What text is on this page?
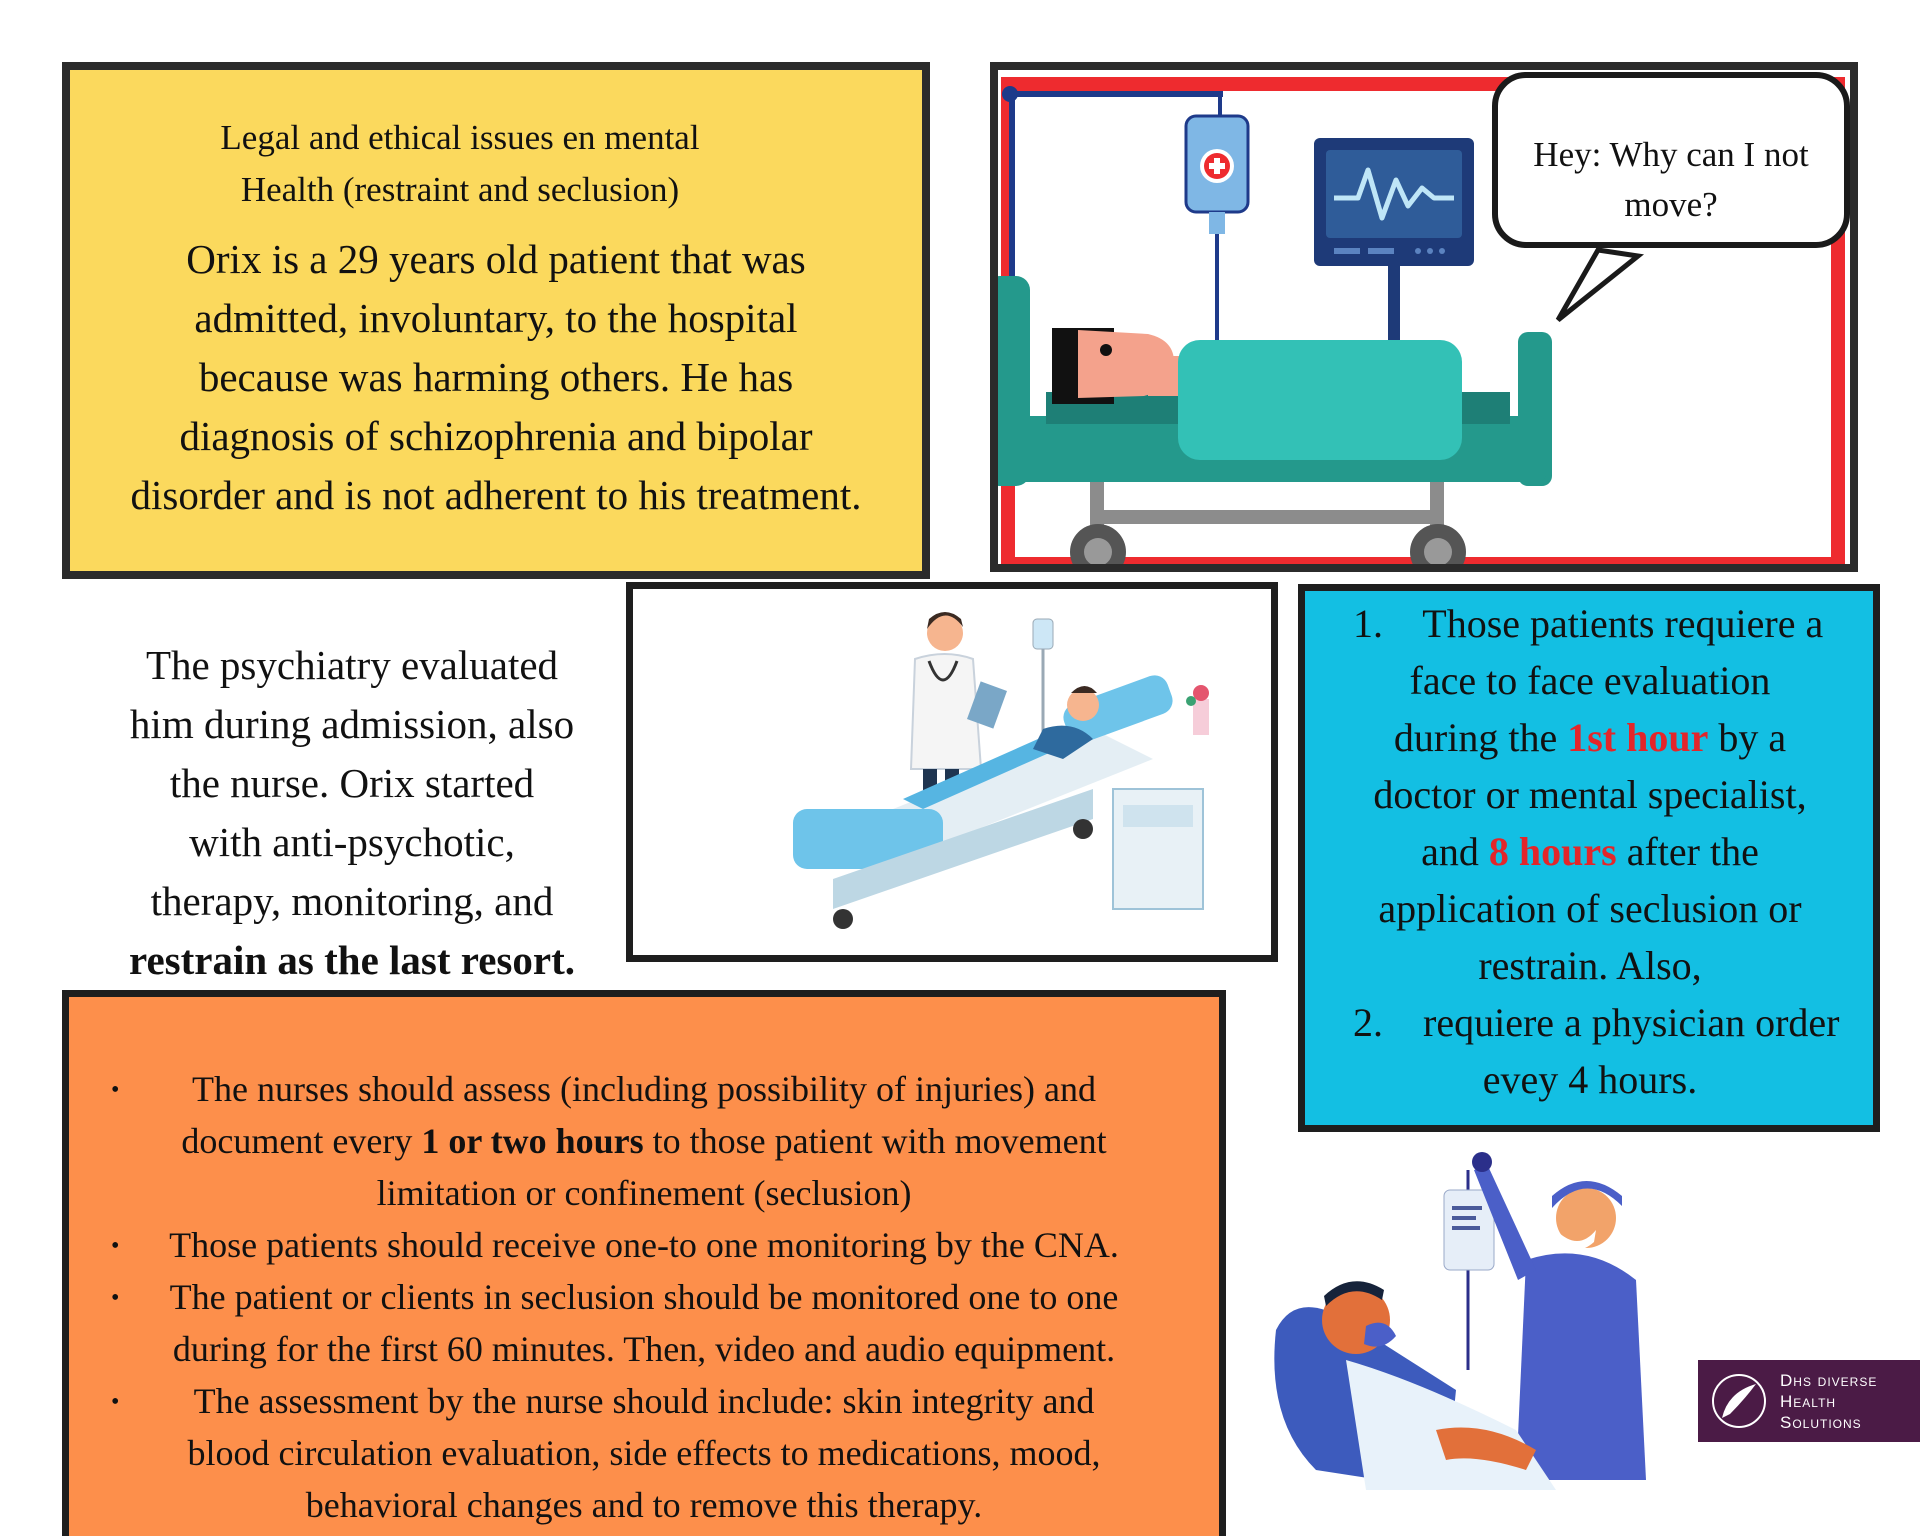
Legal and ethical issues en mental
Health (restraint and seclusion)
Orix is a 29 years old patient that was
admitted, involuntary, to the hospital
because was harming others. He has
diagnosis of schizophrenia and bipolar
disorder and is not adherent to his treatment.
Hey: Why can I not
move?
The psychiatry evaluated
him during admission, also
the nurse. Orix started
with anti-psychotic,
therapy, monitoring, and
restrain as the last resort.
1. Those patients requiere a
face to face evaluation
during the 1st hour by a
doctor or mental specialist,
and 8 hours after the
application of seclusion or
restrain. Also,
2. requiere a physician order
evey 4 hours.
•	The nurses should assess (including possibility of injuries) and
document every 1 or two hours to those patient with movement
limitation or confinement (seclusion)
•	Those patients should receive one-to one monitoring by the CNA.
•	The patient or clients in seclusion should be monitored one to one
during for the first 60 minutes. Then, video and audio equipment.
•	The assessment by the nurse should include: skin integrity and
blood circulation evaluation, side effects to medications, mood,
behavioral changes and to remove this therapy.
Dhs diverse
Health
Solutions
